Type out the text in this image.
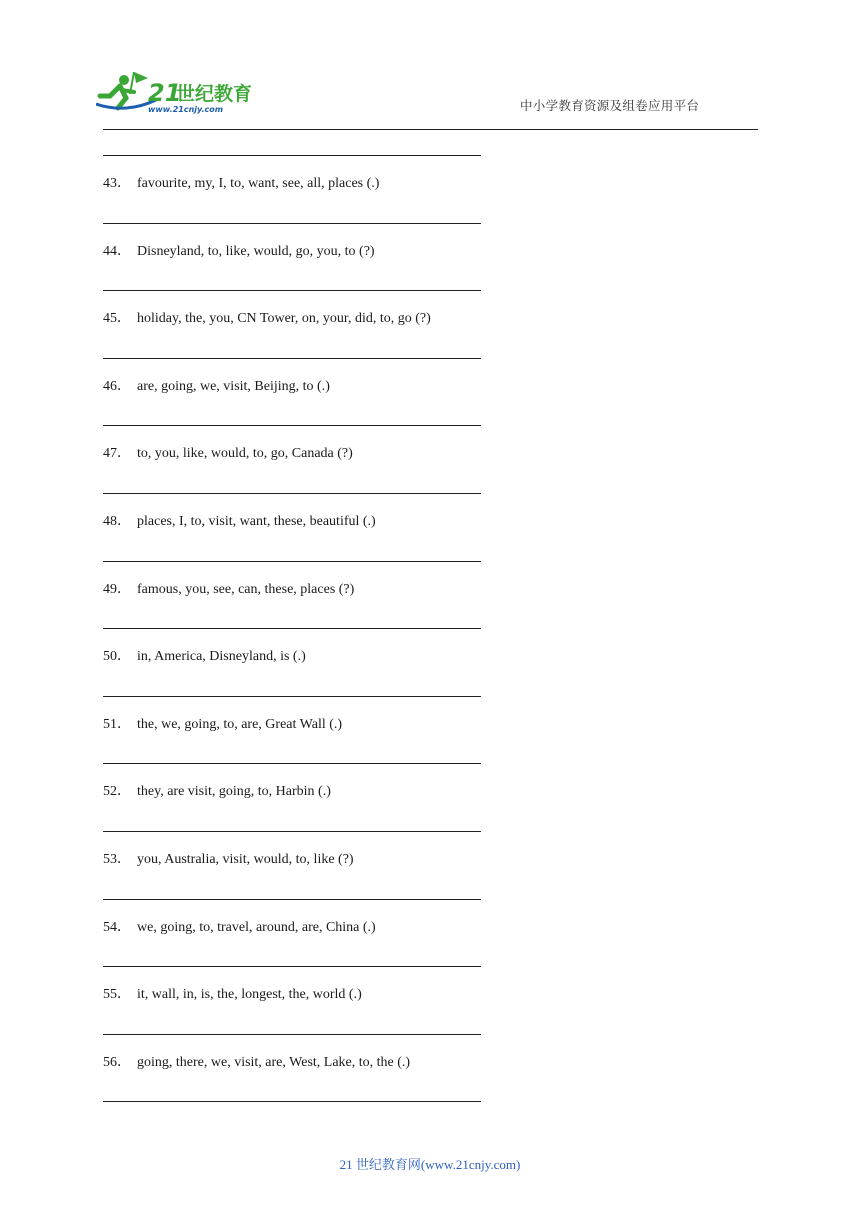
21
世纪教育
www.21cnjy.com	中小学教育资源及组卷应用平台
43． favourite, my, I, to, want, see, all, places (.)
44． Disneyland, to, like, would, go, you, to (?)
45． holiday, the, you, CN Tower, on, your, did, to, go (?)
46． are, going, we, visit, Beijing, to (.)
47． to, you, like, would, to, go, Canada (?)
48． places, I, to, visit, want, these, beautiful (.)
49． famous, you, see, can, these, places (?)
50． in, America, Disneyland, is (.)
51． the, we, going, to, are, Great Wall (.)
52． they, are visit, going, to, Harbin (.)
53． you, Australia, visit, would, to, like (?)
54． we, going, to, travel, around, are, China (.)
55． it, wall, in, is, the, longest, the, world (.)
56． going, there, we, visit, are, West, Lake, to, the (.)
21 世纪教育网(www.21cnjy.com)
